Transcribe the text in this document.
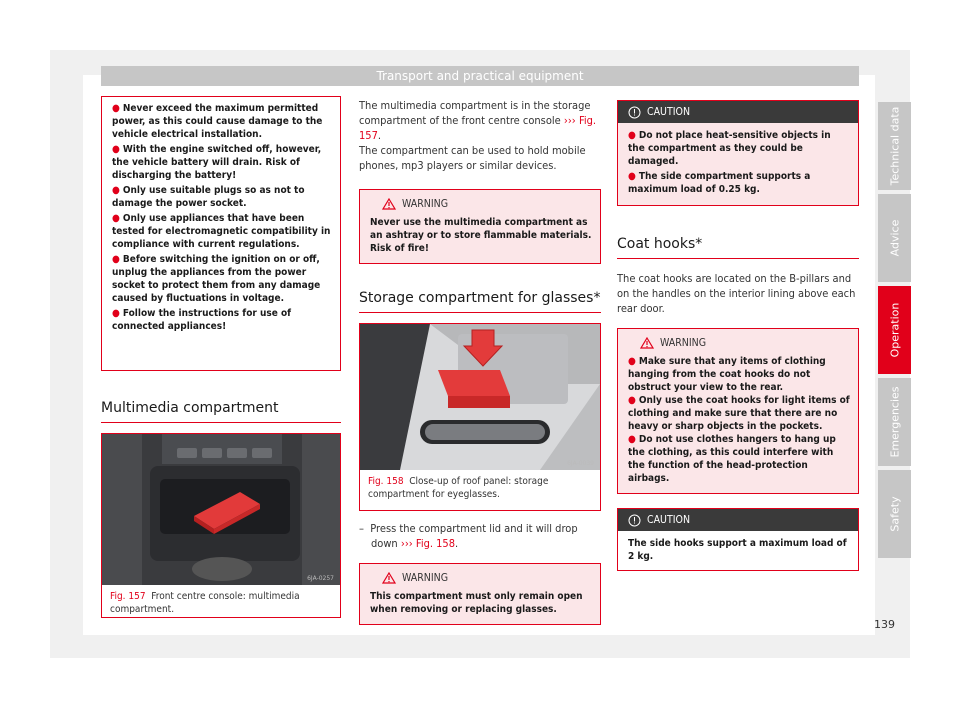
Transport and practical equipment

● Never exceed the maximum permitted power, as this could cause damage to the vehicle electrical installation.

● With the engine switched off, however, the vehicle battery will drain. Risk of discharging the battery!

● Only use suitable plugs so as not to damage the power socket.

● Only use appliances that have been tested for electromagnetic compatibility in compliance with current regulations.

● Before switching the ignition on or off, unplug the appliances from the power socket to protect them from any damage caused by fluctuations in voltage.

● Follow the instructions for use of connected appliances!

Multimedia compartment
6JA-0257
Fig. 157 Front centre console: multimedia compartment.

The multimedia compartment is in the storage compartment of the front centre console ››› Fig. 157.

The compartment can be used to hold mobile phones, mp3 players or similar devices.

WARNING
Never use the multimedia compartment as an ashtray or to store flammable materials. Risk of fire!
Storage compartment for glasses*
6JA-0039
Fig. 158 Close-up of roof panel: storage compartment for eyeglasses.

– Press the compartment lid and it will drop down ››› Fig. 158.

WARNING
This compartment must only remain open when removing or replacing glasses.
CAUTION

● Do not place heat-sensitive objects in the compartment as they could be damaged.

● The side compartment supports a maximum load of 0.25 kg.

Coat hooks*

The coat hooks are located on the B-pillars and on the handles on the interior lining above each rear door.

WARNING

● Make sure that any items of clothing hanging from the coat hooks do not obstruct your view to the rear.

● Only use the coat hooks for light items of clothing and make sure that there are no heavy or sharp objects in the pockets.

● Do not use clothes hangers to hang up the clothing, as this could interfere with the function of the head-protection airbags.

CAUTION
The side hooks support a maximum load of 2 kg.
Technical data
Advice
Operation
Emergencies
Safety
139
